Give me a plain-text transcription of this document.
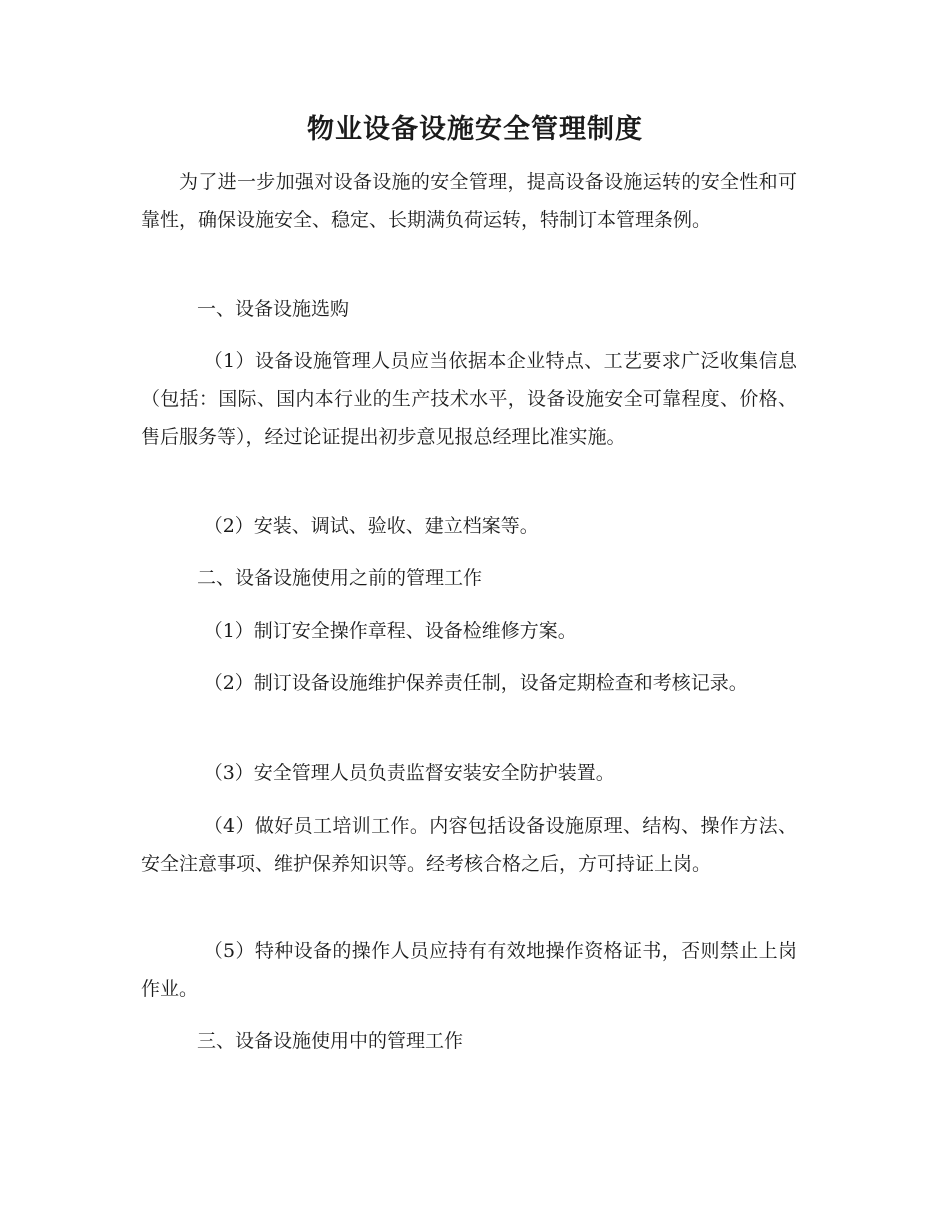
物业设备设施安全管理制度

为了进一步加强对设备设施的安全管理，提高设备设施运转的安全性和可靠性，确保设施安全、稳定、长期满负荷运转，特制订本管理条例。

一、设备设施选购

（1）设备设施管理人员应当依据本企业特点、工艺要求广泛收集信息（包括：国际、国内本行业的生产技术水平，设备设施安全可靠程度、价格、售后服务等），经过论证提出初步意见报总经理比准实施。

（2）安装、调试、验收、建立档案等。

二、设备设施使用之前的管理工作

（1）制订安全操作章程、设备检维修方案。

（2）制订设备设施维护保养责任制，设备定期检查和考核记录。

（3）安全管理人员负责监督安装安全防护装置。

（4）做好员工培训工作。内容包括设备设施原理、结构、操作方法、安全注意事项、维护保养知识等。经考核合格之后，方可持证上岗。

（5）特种设备的操作人员应持有有效地操作资格证书，否则禁止上岗作业。

三、设备设施使用中的管理工作
